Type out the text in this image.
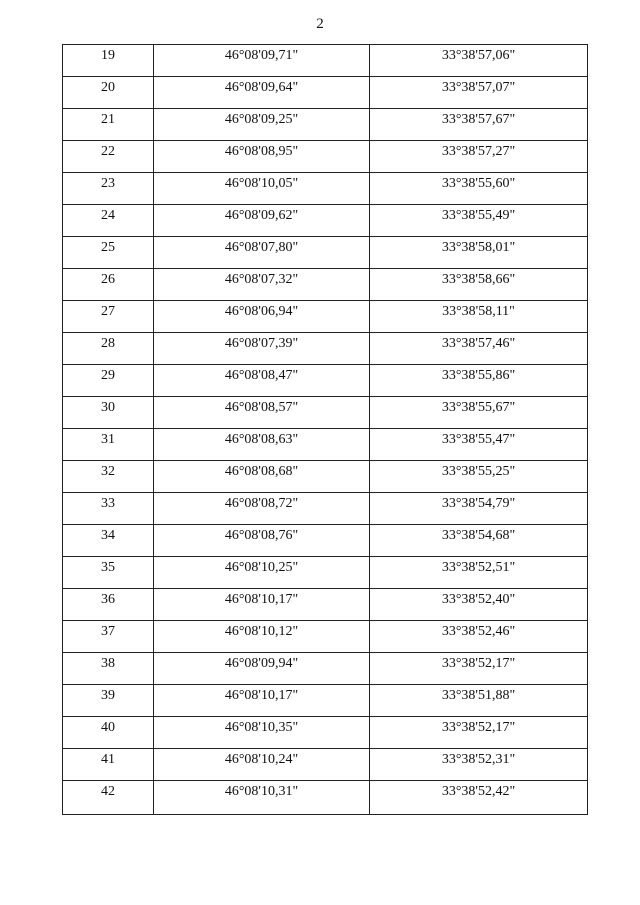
2
19	46°08'09,71"	33°38'57,06"
20	46°08'09,64"	33°38'57,07"
21	46°08'09,25"	33°38'57,67"
22	46°08'08,95"	33°38'57,27"
23	46°08'10,05"	33°38'55,60"
24	46°08'09,62"	33°38'55,49"
25	46°08'07,80"	33°38'58,01"
26	46°08'07,32"	33°38'58,66"
27	46°08'06,94"	33°38'58,11"
28	46°08'07,39"	33°38'57,46"
29	46°08'08,47"	33°38'55,86"
30	46°08'08,57"	33°38'55,67"
31	46°08'08,63"	33°38'55,47"
32	46°08'08,68"	33°38'55,25"
33	46°08'08,72"	33°38'54,79"
34	46°08'08,76"	33°38'54,68"
35	46°08'10,25"	33°38'52,51"
36	46°08'10,17"	33°38'52,40"
37	46°08'10,12"	33°38'52,46"
38	46°08'09,94"	33°38'52,17"
39	46°08'10,17"	33°38'51,88"
40	46°08'10,35"	33°38'52,17"
41	46°08'10,24"	33°38'52,31"
42	46°08'10,31"	33°38'52,42"
